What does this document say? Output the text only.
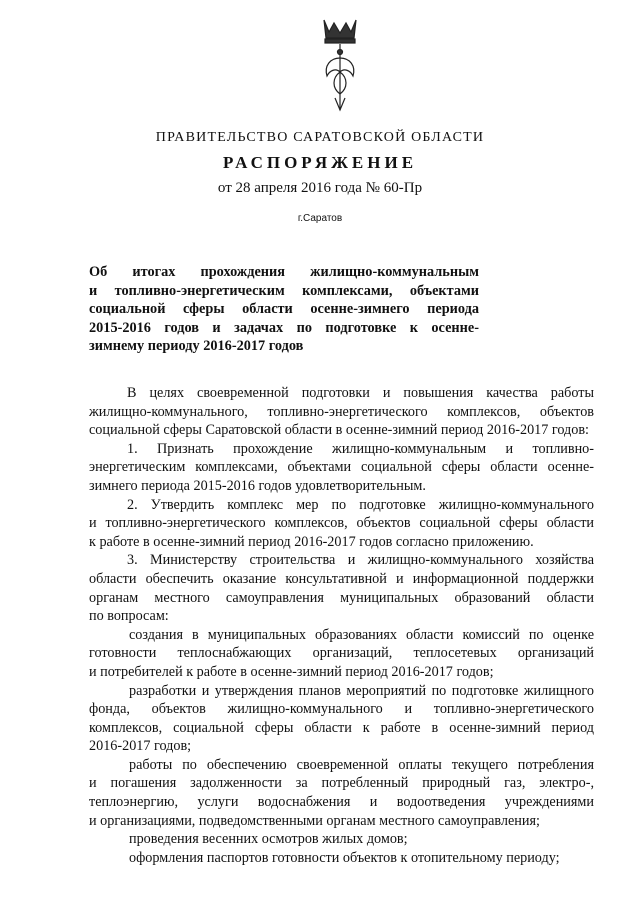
ПРАВИТЕЛЬСТВО САРАТОВСКОЙ ОБЛАСТИ
РАСПОРЯЖЕНИЕ
от 28 апреля 2016 года № 60-Пр
г.Саратов
Об итогах прохождения жилищно-коммунальным
и топливно-энергетическим комплексами, объектами
социальной сферы области осенне-зимнего периода
2015-2016 годов и задачах по подготовке к осенне-
зимнему периоду 2016-2017 годов
В целях своевременной подготовки и повышения качества работы
жилищно-коммунального, топливно-энергетического комплексов, объектов
социальной сферы Саратовской области в осенне-зимний период 2016-2017 годов:
1. Признать прохождение жилищно-коммунальным и топливно-
энергетическим комплексами, объектами социальной сферы области осенне-
зимнего периода 2015-2016 годов удовлетворительным.
2. Утвердить комплекс мер по подготовке жилищно-коммунального
и топливно-энергетического комплексов, объектов социальной сферы области
к работе в осенне-зимний период 2016-2017 годов согласно приложению.
3. Министерству строительства и жилищно-коммунального хозяйства
области обеспечить оказание консультативной и информационной поддержки
органам местного самоуправления муниципальных образований области
по вопросам:
создания в муниципальных образованиях области комиссий по оценке
готовности теплоснабжающих организаций, теплосетевых организаций
и потребителей к работе в осенне-зимний период 2016-2017 годов;
разработки и утверждения планов мероприятий по подготовке жилищного
фонда, объектов жилищно-коммунального и топливно-энергетического
комплексов, социальной сферы области к работе в осенне-зимний период
2016-2017 годов;
работы по обеспечению своевременной оплаты текущего потребления
и погашения задолженности за потребленный природный газ, электро-,
теплоэнергию, услуги водоснабжения и водоотведения учреждениями
и организациями, подведомственными органам местного самоуправления;
проведения весенних осмотров жилых домов;
оформления паспортов готовности объектов к отопительному периоду;
